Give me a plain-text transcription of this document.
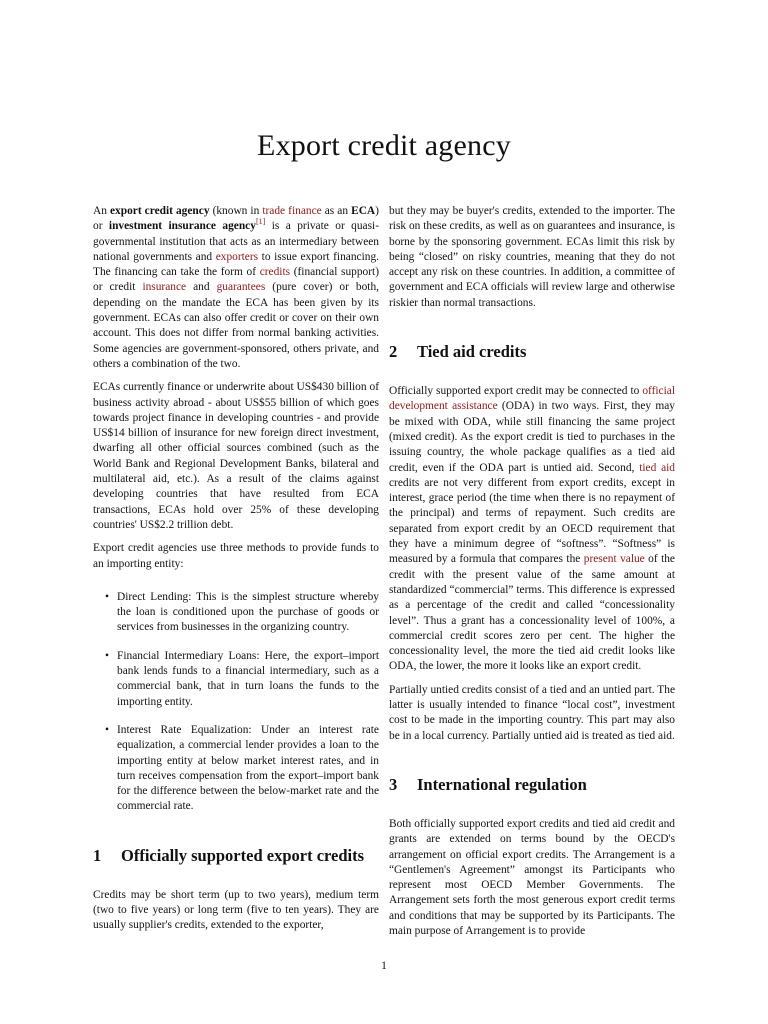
Export credit agency

An export credit agency (known in trade finance as an ECA) or investment insurance agency[1] is a private or quasi-governmental institution that acts as an intermediary between national governments and exporters to issue export financing. The financing can take the form of credits (financial support) or credit insurance and guarantees (pure cover) or both, depending on the mandate the ECA has been given by its government. ECAs can also offer credit or cover on their own account. This does not differ from normal banking activities. Some agencies are government-sponsored, others private, and others a combination of the two.

ECAs currently finance or underwrite about US$430 billion of business activity abroad - about US$55 billion of which goes towards project finance in developing countries - and provide US$14 billion of insurance for new foreign direct investment, dwarfing all other official sources combined (such as the World Bank and Regional Development Banks, bilateral and multilateral aid, etc.). As a result of the claims against developing countries that have resulted from ECA transactions, ECAs hold over 25% of these developing countries' US$2.2 trillion debt.

Export credit agencies use three methods to provide funds to an importing entity:

• Direct Lending: This is the simplest structure whereby the loan is conditioned upon the purchase of goods or services from businesses in the organizing country.
• Financial Intermediary Loans: Here, the export–import bank lends funds to a financial intermediary, such as a commercial bank, that in turn loans the funds to the importing entity.
• Interest Rate Equalization: Under an interest rate equalization, a commercial lender provides a loan to the importing entity at below market interest rates, and in turn receives compensation from the export–import bank for the difference between the below-market rate and the commercial rate.
1	Officially supported export credits

Credits may be short term (up to two years), medium term (two to five years) or long term (five to ten years). They are usually supplier's credits, extended to the exporter,

but they may be buyer's credits, extended to the importer. The risk on these credits, as well as on guarantees and insurance, is borne by the sponsoring government. ECAs limit this risk by being “closed” on risky countries, meaning that they do not accept any risk on these countries. In addition, a committee of government and ECA officials will review large and otherwise riskier than normal transactions.

2	Tied aid credits

Officially supported export credit may be connected to official development assistance (ODA) in two ways. First, they may be mixed with ODA, while still financing the same project (mixed credit). As the export credit is tied to purchases in the issuing country, the whole package qualifies as a tied aid credit, even if the ODA part is untied aid. Second, tied aid credits are not very different from export credits, except in interest, grace period (the time when there is no repayment of the principal) and terms of repayment. Such credits are separated from export credit by an OECD requirement that they have a minimum degree of “softness”. “Softness” is measured by a formula that compares the present value of the credit with the present value of the same amount at standardized “commercial” terms. This difference is expressed as a percentage of the credit and called “concessionality level”. Thus a grant has a concessionality level of 100%, a commercial credit scores zero per cent. The higher the concessionality level, the more the tied aid credit looks like ODA, the lower, the more it looks like an export credit.

Partially untied credits consist of a tied and an untied part. The latter is usually intended to finance “local cost”, investment cost to be made in the importing country. This part may also be in a local currency. Partially untied aid is treated as tied aid.

3	International regulation

Both officially supported export credits and tied aid credit and grants are extended on terms bound by the OECD's arrangement on official export credits. The Arrangement is a “Gentlemen's Agreement” amongst its Participants who represent most OECD Member Governments. The Arrangement sets forth the most generous export credit terms and conditions that may be supported by its Participants. The main purpose of Arrangement is to provide

1
